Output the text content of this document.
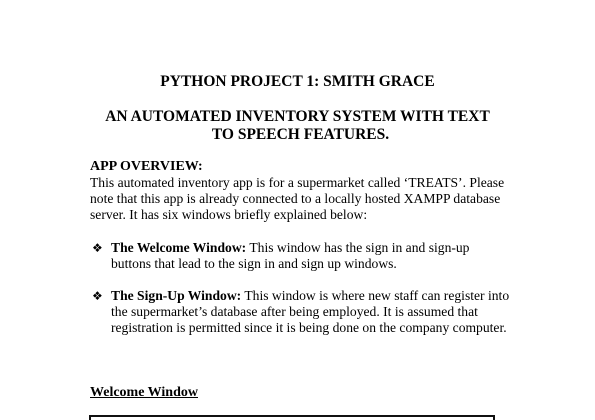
PYTHON PROJECT 1: SMITH GRACE
AN AUTOMATED INVENTORY SYSTEM WITH TEXT
TO SPEECH FEATURES.
APP OVERVIEW:
This automated inventory app is for a supermarket called ‘TREATS’. Please note that this app is already connected to a locally hosted XAMPP database server. It has six windows briefly explained below:
❖ The Welcome Window: This window has the sign in and sign-up buttons that lead to the sign in and sign up windows.
❖ The Sign-Up Window: This window is where new staff can register into the supermarket’s database after being employed. It is assumed that registration is permitted since it is being done on the company computer.
Welcome Window
